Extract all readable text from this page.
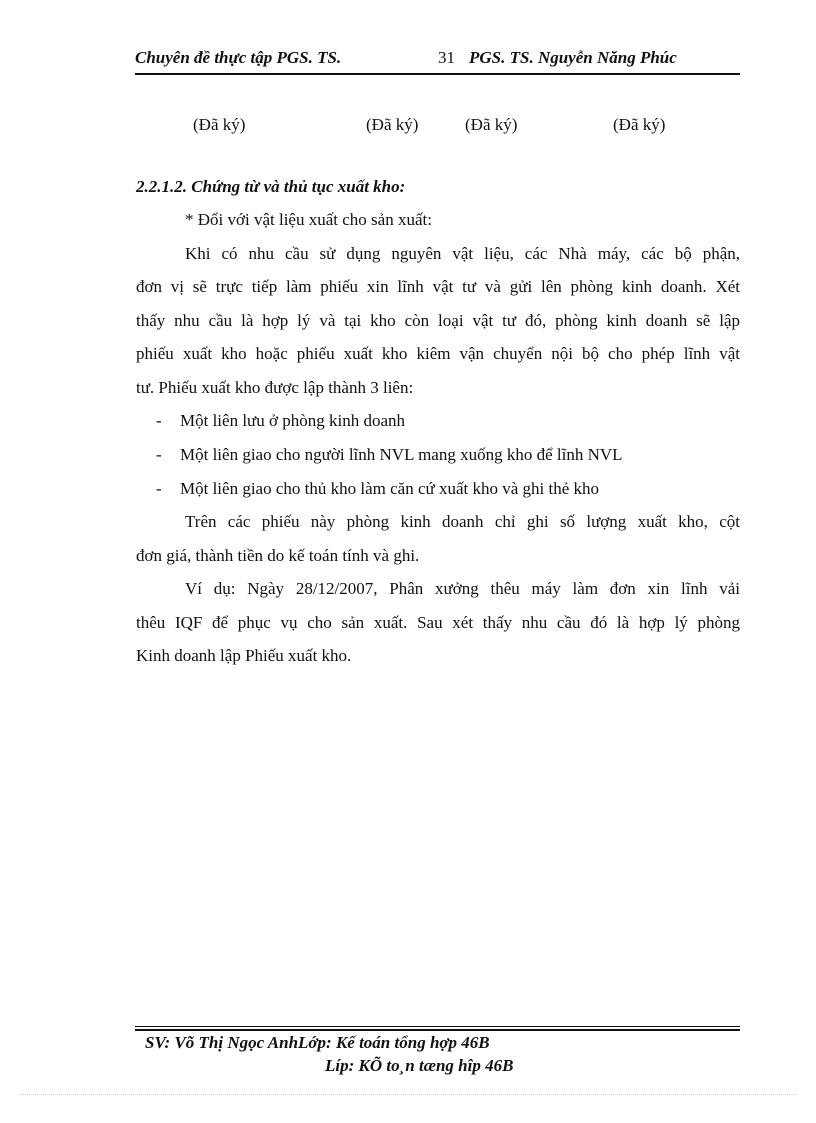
Chuyên đề thực tập PGS. TS.	31 PGS. TS. Nguyễn Năng Phúc
(Đã ký)	(Đã ký)	(Đã ký)	(Đã ký)
2.2.1.2. Chứng từ và thủ tục xuất kho:
* Đối với vật liệu xuất cho sản xuất:
Khi có nhu cầu sử dụng nguyên vật liệu, các Nhà máy, các bộ phận,
đơn vị sẽ trực tiếp làm phiếu xin lĩnh vật tư và gửi lên phòng kinh doanh. Xét
thấy nhu cầu là hợp lý và tại kho còn loại vật tư đó, phòng kinh doanh sẽ lập
phiếu xuất kho hoặc phiếu xuất kho kiêm vận chuyển nội bộ cho phép lĩnh vật
tư. Phiếu xuất kho được lập thành 3 liên:
- Một liên lưu ở phòng kinh doanh
- Một liên giao cho người lĩnh NVL mang xuống kho để lĩnh NVL
- Một liên giao cho thủ kho làm căn cứ xuất kho và ghi thẻ kho
Trên các phiếu này phòng kinh doanh chỉ ghi số lượng xuất kho, cột
đơn giá, thành tiền do kế toán tính và ghi.
Ví dụ: Ngày 28/12/2007, Phân xưởng thêu máy làm đơn xin lĩnh vải
thêu IQF để phục vụ cho sản xuất. Sau xét thấy nhu cầu đó là hợp lý phòng
Kinh doanh lập Phiếu xuất kho.
SV: Võ Thị Ngọc AnhLớp: Kế toán tổng hợp 46B
Líp: KÕ to¸n tæng hîp 46B
